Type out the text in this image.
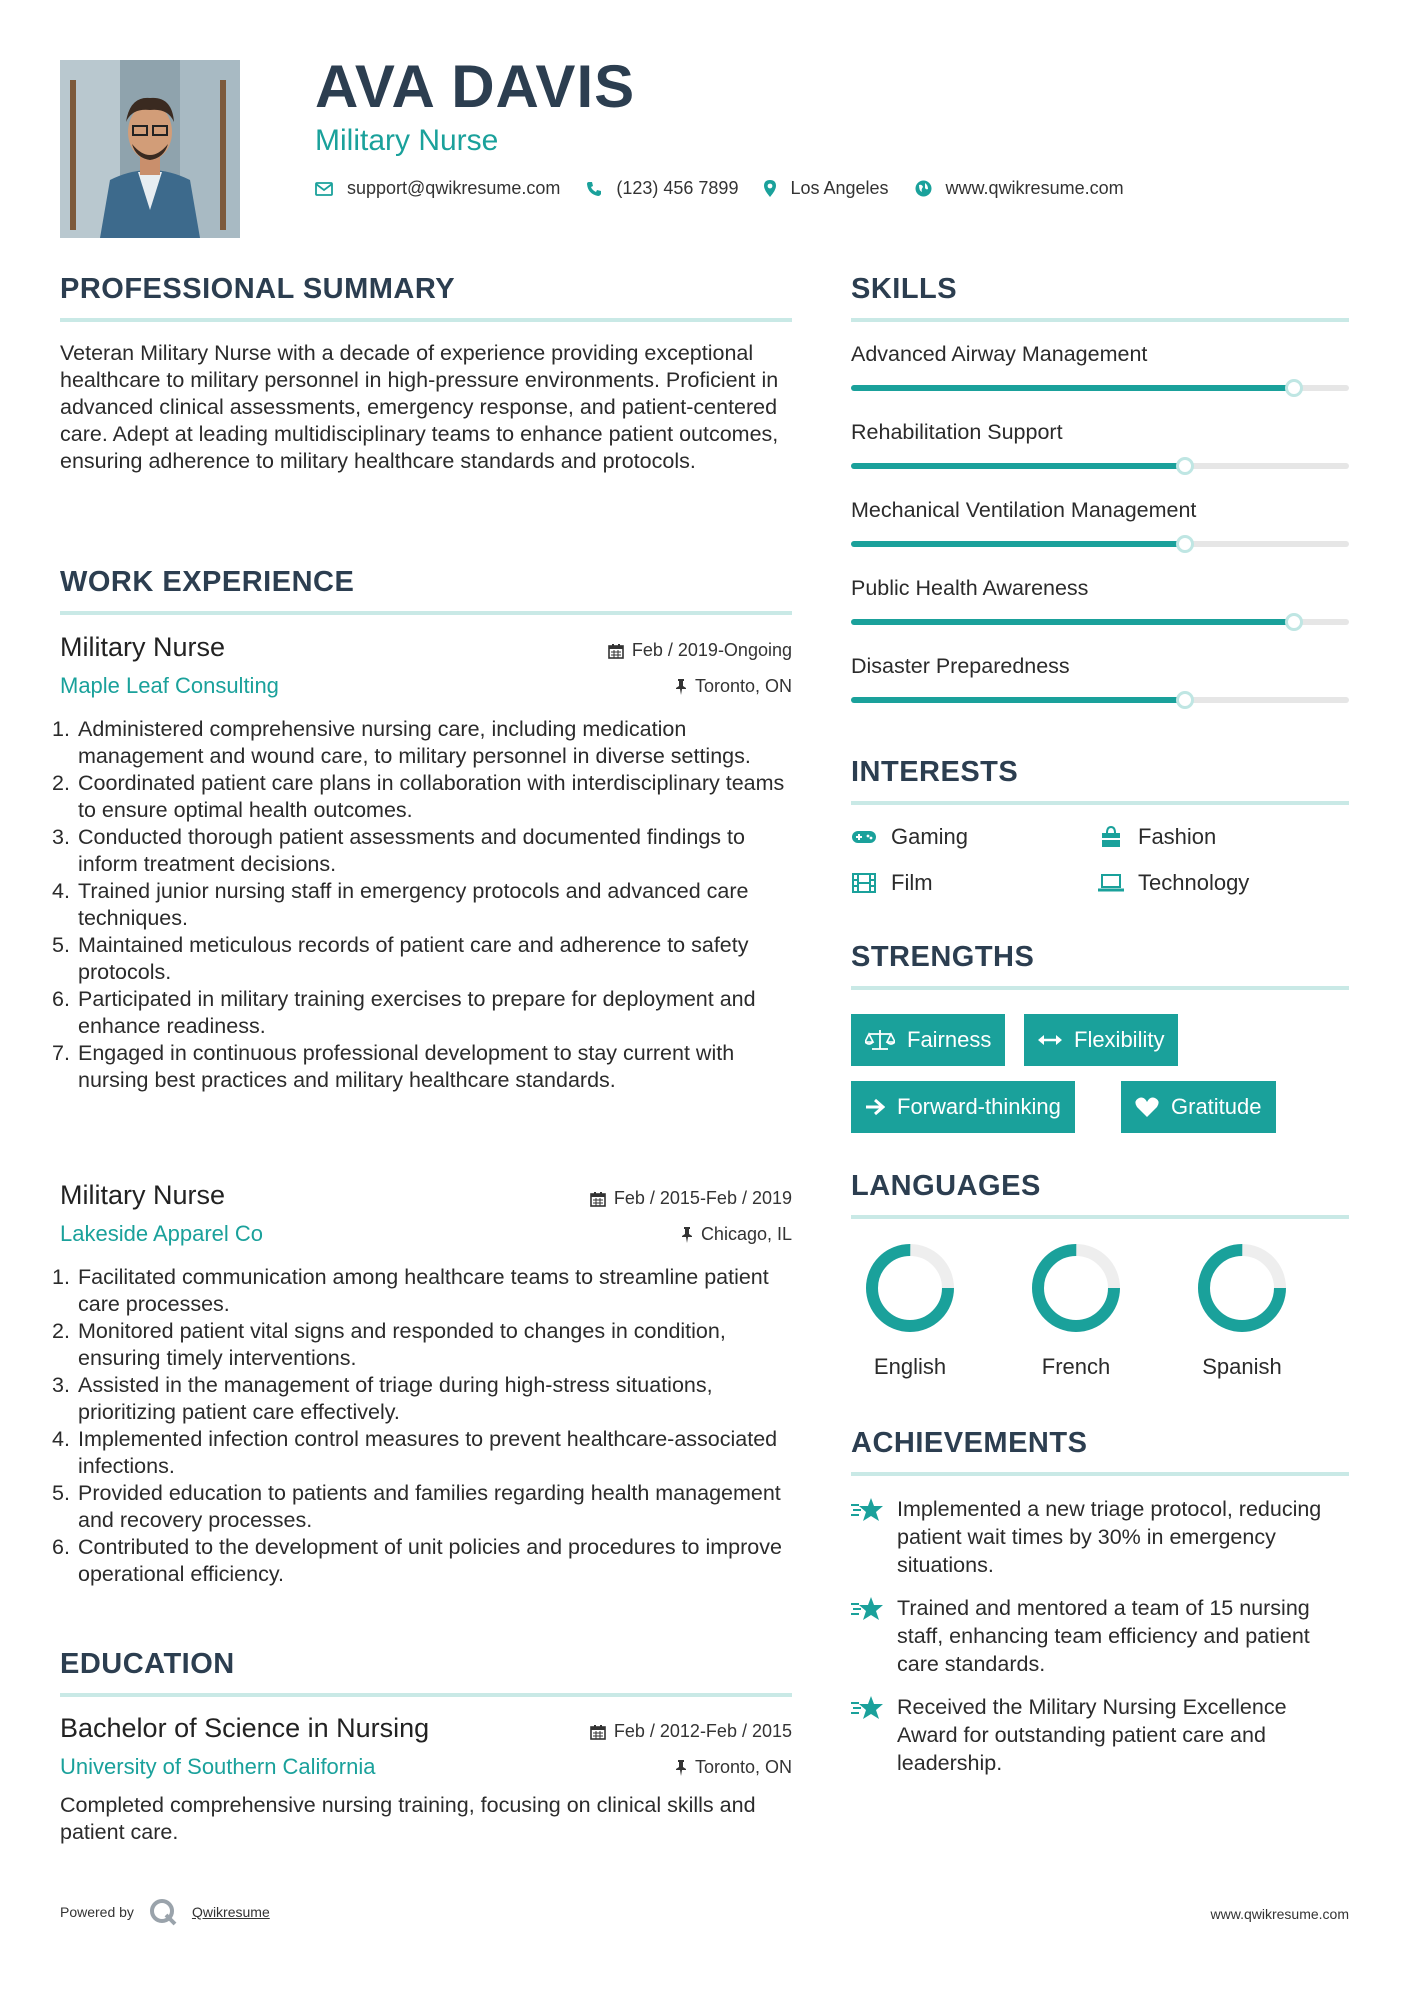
AVA DAVIS
Military Nurse
support@qwikresume.com	(123) 456 7899	Los Angeles	www.qwikresume.com
PROFESSIONAL SUMMARY
Veteran Military Nurse with a decade of experience providing exceptional healthcare to military personnel in high-pressure environments. Proficient in advanced clinical assessments, emergency response, and patient-centered care. Adept at leading multidisciplinary teams to enhance patient outcomes, ensuring adherence to military healthcare standards and protocols.
WORK EXPERIENCE
Military Nurse
Maple Leaf Consulting
Feb / 2019-Ongoing
Toronto, ON
1. Administered comprehensive nursing care, including medication management and wound care, to military personnel in diverse settings.
2. Coordinated patient care plans in collaboration with interdisciplinary teams to ensure optimal health outcomes.
3. Conducted thorough patient assessments and documented findings to inform treatment decisions.
4. Trained junior nursing staff in emergency protocols and advanced care techniques.
5. Maintained meticulous records of patient care and adherence to safety protocols.
6. Participated in military training exercises to prepare for deployment and enhance readiness.
7. Engaged in continuous professional development to stay current with nursing best practices and military healthcare standards.
Military Nurse
Lakeside Apparel Co
Feb / 2015-Feb / 2019
Chicago, IL
1. Facilitated communication among healthcare teams to streamline patient care processes.
2. Monitored patient vital signs and responded to changes in condition, ensuring timely interventions.
3. Assisted in the management of triage during high-stress situations, prioritizing patient care effectively.
4. Implemented infection control measures to prevent healthcare-associated infections.
5. Provided education to patients and families regarding health management and recovery processes.
6. Contributed to the development of unit policies and procedures to improve operational efficiency.
EDUCATION
Bachelor of Science in Nursing
University of Southern California
Feb / 2012-Feb / 2015
Toronto, ON
Completed comprehensive nursing training, focusing on clinical skills and patient care.
SKILLS
Advanced Airway Management
Rehabilitation Support
Mechanical Ventilation Management
Public Health Awareness
Disaster Preparedness
INTERESTS
Gaming	Fashion
Film	Technology
STRENGTHS
Fairness	Flexibility
Forward-thinking	Gratitude
LANGUAGES
English	French	Spanish
ACHIEVEMENTS
Implemented a new triage protocol, reducing patient wait times by 30% in emergency situations.
Trained and mentored a team of 15 nursing staff, enhancing team efficiency and patient care standards.
Received the Military Nursing Excellence Award for outstanding patient care and leadership.
Powered by	Qwikresume	www.qwikresume.com
